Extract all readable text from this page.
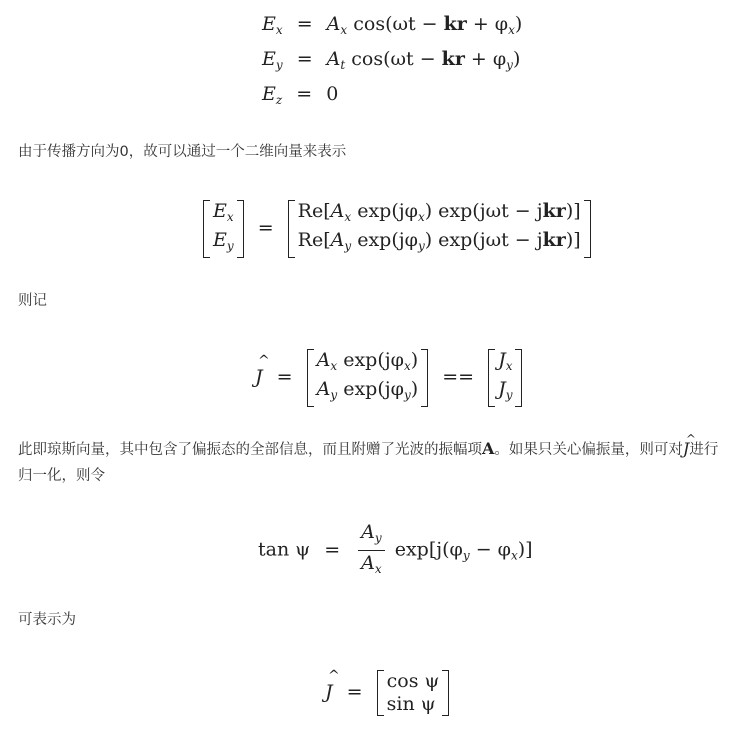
$E_x = A_x$ cos(ωt − kr + $\varphi_x$)
$E_y = A_t$ cos(ωt − kr + $\varphi_y$)
$E_z = 0$
由于传播方向为0，故可以通过一个二维向量来表示
$E_x$
$E_y$
=
$Re[A_x$ $\exp(j\varphi_x) \exp(j\omega t - jkr)$]
$Re[A_y$ $\exp(j\varphi_y) \exp(j\omega t - jkr)$]
则记
^
J =
$A_x$ $\exp(j\varphi_x)$
$A_y$ $\exp(j\varphi_y)$
==
$J_x$
$J_y$
此即琼斯向量，其中包含了偏振态的全部信息，而且附赠了光波的振幅项A。如果只关心偏振量，则可对
^
J进行归一化，则令
$\tan \psi = \frac{A_y}{A_x} \exp[j(\varphi_y - \varphi_x)]$
可表示为
^
J = cos ψ
sin ψ
